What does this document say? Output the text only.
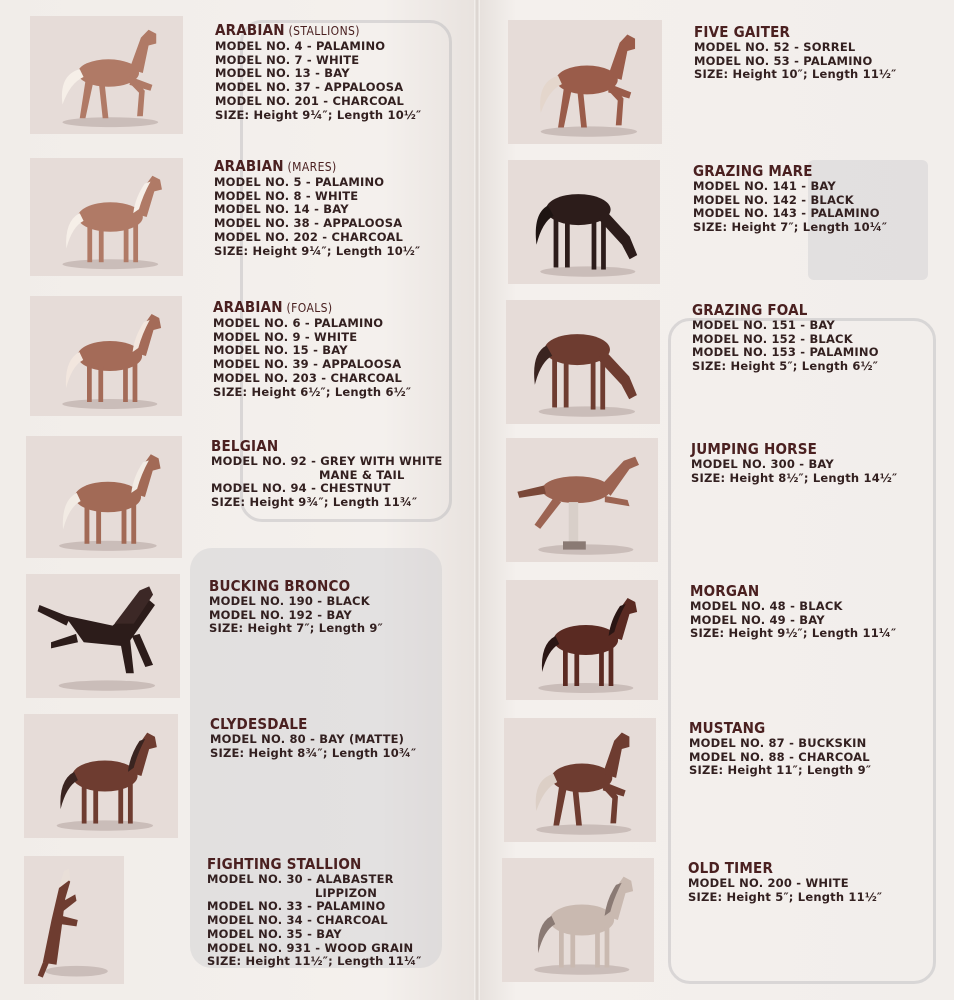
ARABIAN (STALLIONS)
MODEL NO. 4 - PALAMINO
MODEL NO. 7 - WHITE
MODEL NO. 13 - BAY
MODEL NO. 37 - APPALOOSA
MODEL NO. 201 - CHARCOAL
SIZE: Height 9¼″; Length 10½″
ARABIAN (MARES)
MODEL NO. 5 - PALAMINO
MODEL NO. 8 - WHITE
MODEL NO. 14 - BAY
MODEL NO. 38 - APPALOOSA
MODEL NO. 202 - CHARCOAL
SIZE: Height 9¼″; Length 10½″
ARABIAN (FOALS)
MODEL NO. 6 - PALAMINO
MODEL NO. 9 - WHITE
MODEL NO. 15 - BAY
MODEL NO. 39 - APPALOOSA
MODEL NO. 203 - CHARCOAL
SIZE: Height 6½″; Length 6½″
BELGIAN
MODEL NO. 92 - GREY WITH WHITE
MANE & TAIL
MODEL NO. 94 - CHESTNUT
SIZE: Height 9¾″; Length 11¾″
BUCKING BRONCO
MODEL NO. 190 - BLACK
MODEL NO. 192 - BAY
SIZE: Height 7″; Length 9″
CLYDESDALE
MODEL NO. 80 - BAY (MATTE)
SIZE: Height 8¾″; Length 10¾″
FIGHTING STALLION
MODEL NO. 30 - ALABASTER
LIPPIZON
MODEL NO. 33 - PALAMINO
MODEL NO. 34 - CHARCOAL
MODEL NO. 35 - BAY
MODEL NO. 931 - WOOD GRAIN
SIZE: Height 11½″; Length 11¼″
FIVE GAITER
MODEL NO. 52 - SORREL
MODEL NO. 53 - PALAMINO
SIZE: Height 10″; Length 11½″
GRAZING MARE
MODEL NO. 141 - BAY
MODEL NO. 142 - BLACK
MODEL NO. 143 - PALAMINO
SIZE: Height 7″; Length 10¼″
GRAZING FOAL
MODEL NO. 151 - BAY
MODEL NO. 152 - BLACK
MODEL NO. 153 - PALAMINO
SIZE: Height 5″; Length 6½″
JUMPING HORSE
MODEL NO. 300 - BAY
SIZE: Height 8½″; Length 14½″
MORGAN
MODEL NO. 48 - BLACK
MODEL NO. 49 - BAY
SIZE: Height 9½″; Length 11¼″
MUSTANG
MODEL NO. 87 - BUCKSKIN
MODEL NO. 88 - CHARCOAL
SIZE: Height 11″; Length 9″
OLD TIMER
MODEL NO. 200 - WHITE
SIZE: Height 5″; Length 11½″
